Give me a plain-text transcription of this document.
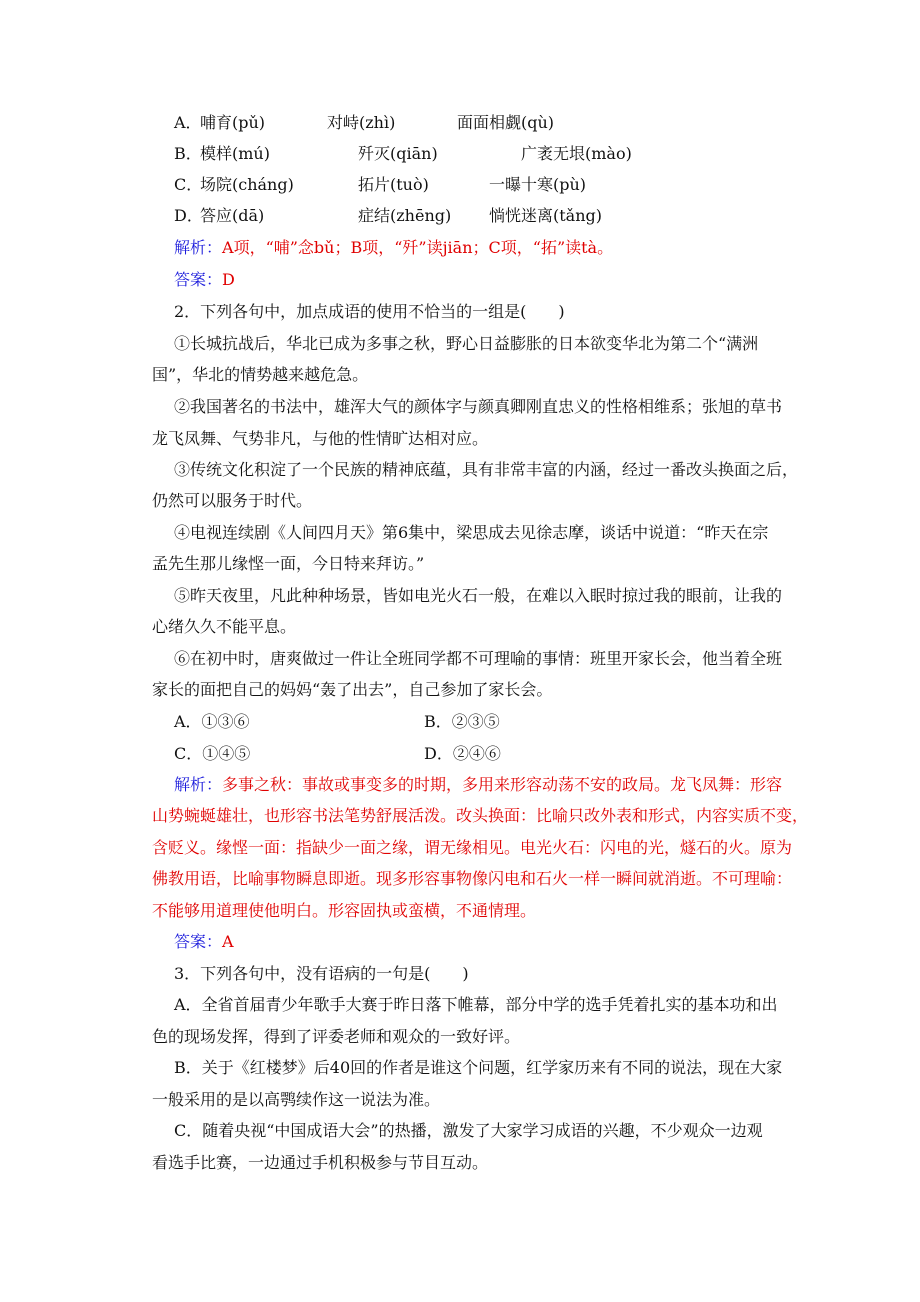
A．
哺育(pǔ)	对峙(zhì)	面面相觑(qù)
B．
模样(mú)	歼灭(qiān)	广袤无垠(mào)
C．
场院(cháng)	拓片(tuò)	一曝十寒(pù)
D．
答应(dā)	症结(zhēng) 惝恍迷离(tǎng)
解析：A项，“哺”念bǔ；B项，“歼”读jiān；C项，“拓”读tà。
答案：D
2．下列各句中，加点成语的使用不恰当的一组是(　　)
①长城抗战后，华北已成为多事之秋，野心日益膨胀的日本欲变华北为第二个“满洲
国”，华北的情势越来越危急。
②我国著名的书法中，雄浑大气的颜体字与颜真卿刚直忠义的性格相维系；张旭的草书
龙飞凤舞、气势非凡，与他的性情旷达相对应。
③传统文化积淀了一个民族的精神底蕴，具有非常丰富的内涵，经过一番改头换面之后，
仍然可以服务于时代。
④电视连续剧《人间四月天》第6集中，梁思成去见徐志摩，谈话中说道：“昨天在宗
孟先生那儿缘悭一面，今日特来拜访。”
⑤昨天夜里，凡此种种场景，皆如电光火石一般，在难以入眠时掠过我的眼前，让我的
心绪久久不能平息。
⑥在初中时，唐爽做过一件让全班同学都不可理喻的事情：班里开家长会，他当着全班
家长的面把自己的妈妈“轰了出去”，自己参加了家长会。
A．①③⑥	B．②③⑤
C．①④⑤	D．②④⑥
解析：多事之秋：事故或事变多的时期，多用来形容动荡不安的政局。龙飞凤舞：形容
山势蜿蜒雄壮，也形容书法笔势舒展活泼。改头换面：比喻只改外表和形式，内容实质不变，
含贬义。缘悭一面：指缺少一面之缘，谓无缘相见。电光火石：闪电的光，燧石的火。原为
佛教用语，比喻事物瞬息即逝。现多形容事物像闪电和石火一样一瞬间就消逝。不可理喻：
不能够用道理使他明白。形容固执或蛮横，不通情理。
答案：A
3．下列各句中，没有语病的一句是(　　)
A．全省首届青少年歌手大赛于昨日落下帷幕，部分中学的选手凭着扎实的基本功和出
色的现场发挥，得到了评委老师和观众的一致好评。
B．关于《红楼梦》后40回的作者是谁这个问题，红学家历来有不同的说法，现在大家
一般采用的是以高鹗续作这一说法为准。
C．随着央视“中国成语大会”的热播，激发了大家学习成语的兴趣，不少观众一边观
看选手比赛，一边通过手机积极参与节目互动。
